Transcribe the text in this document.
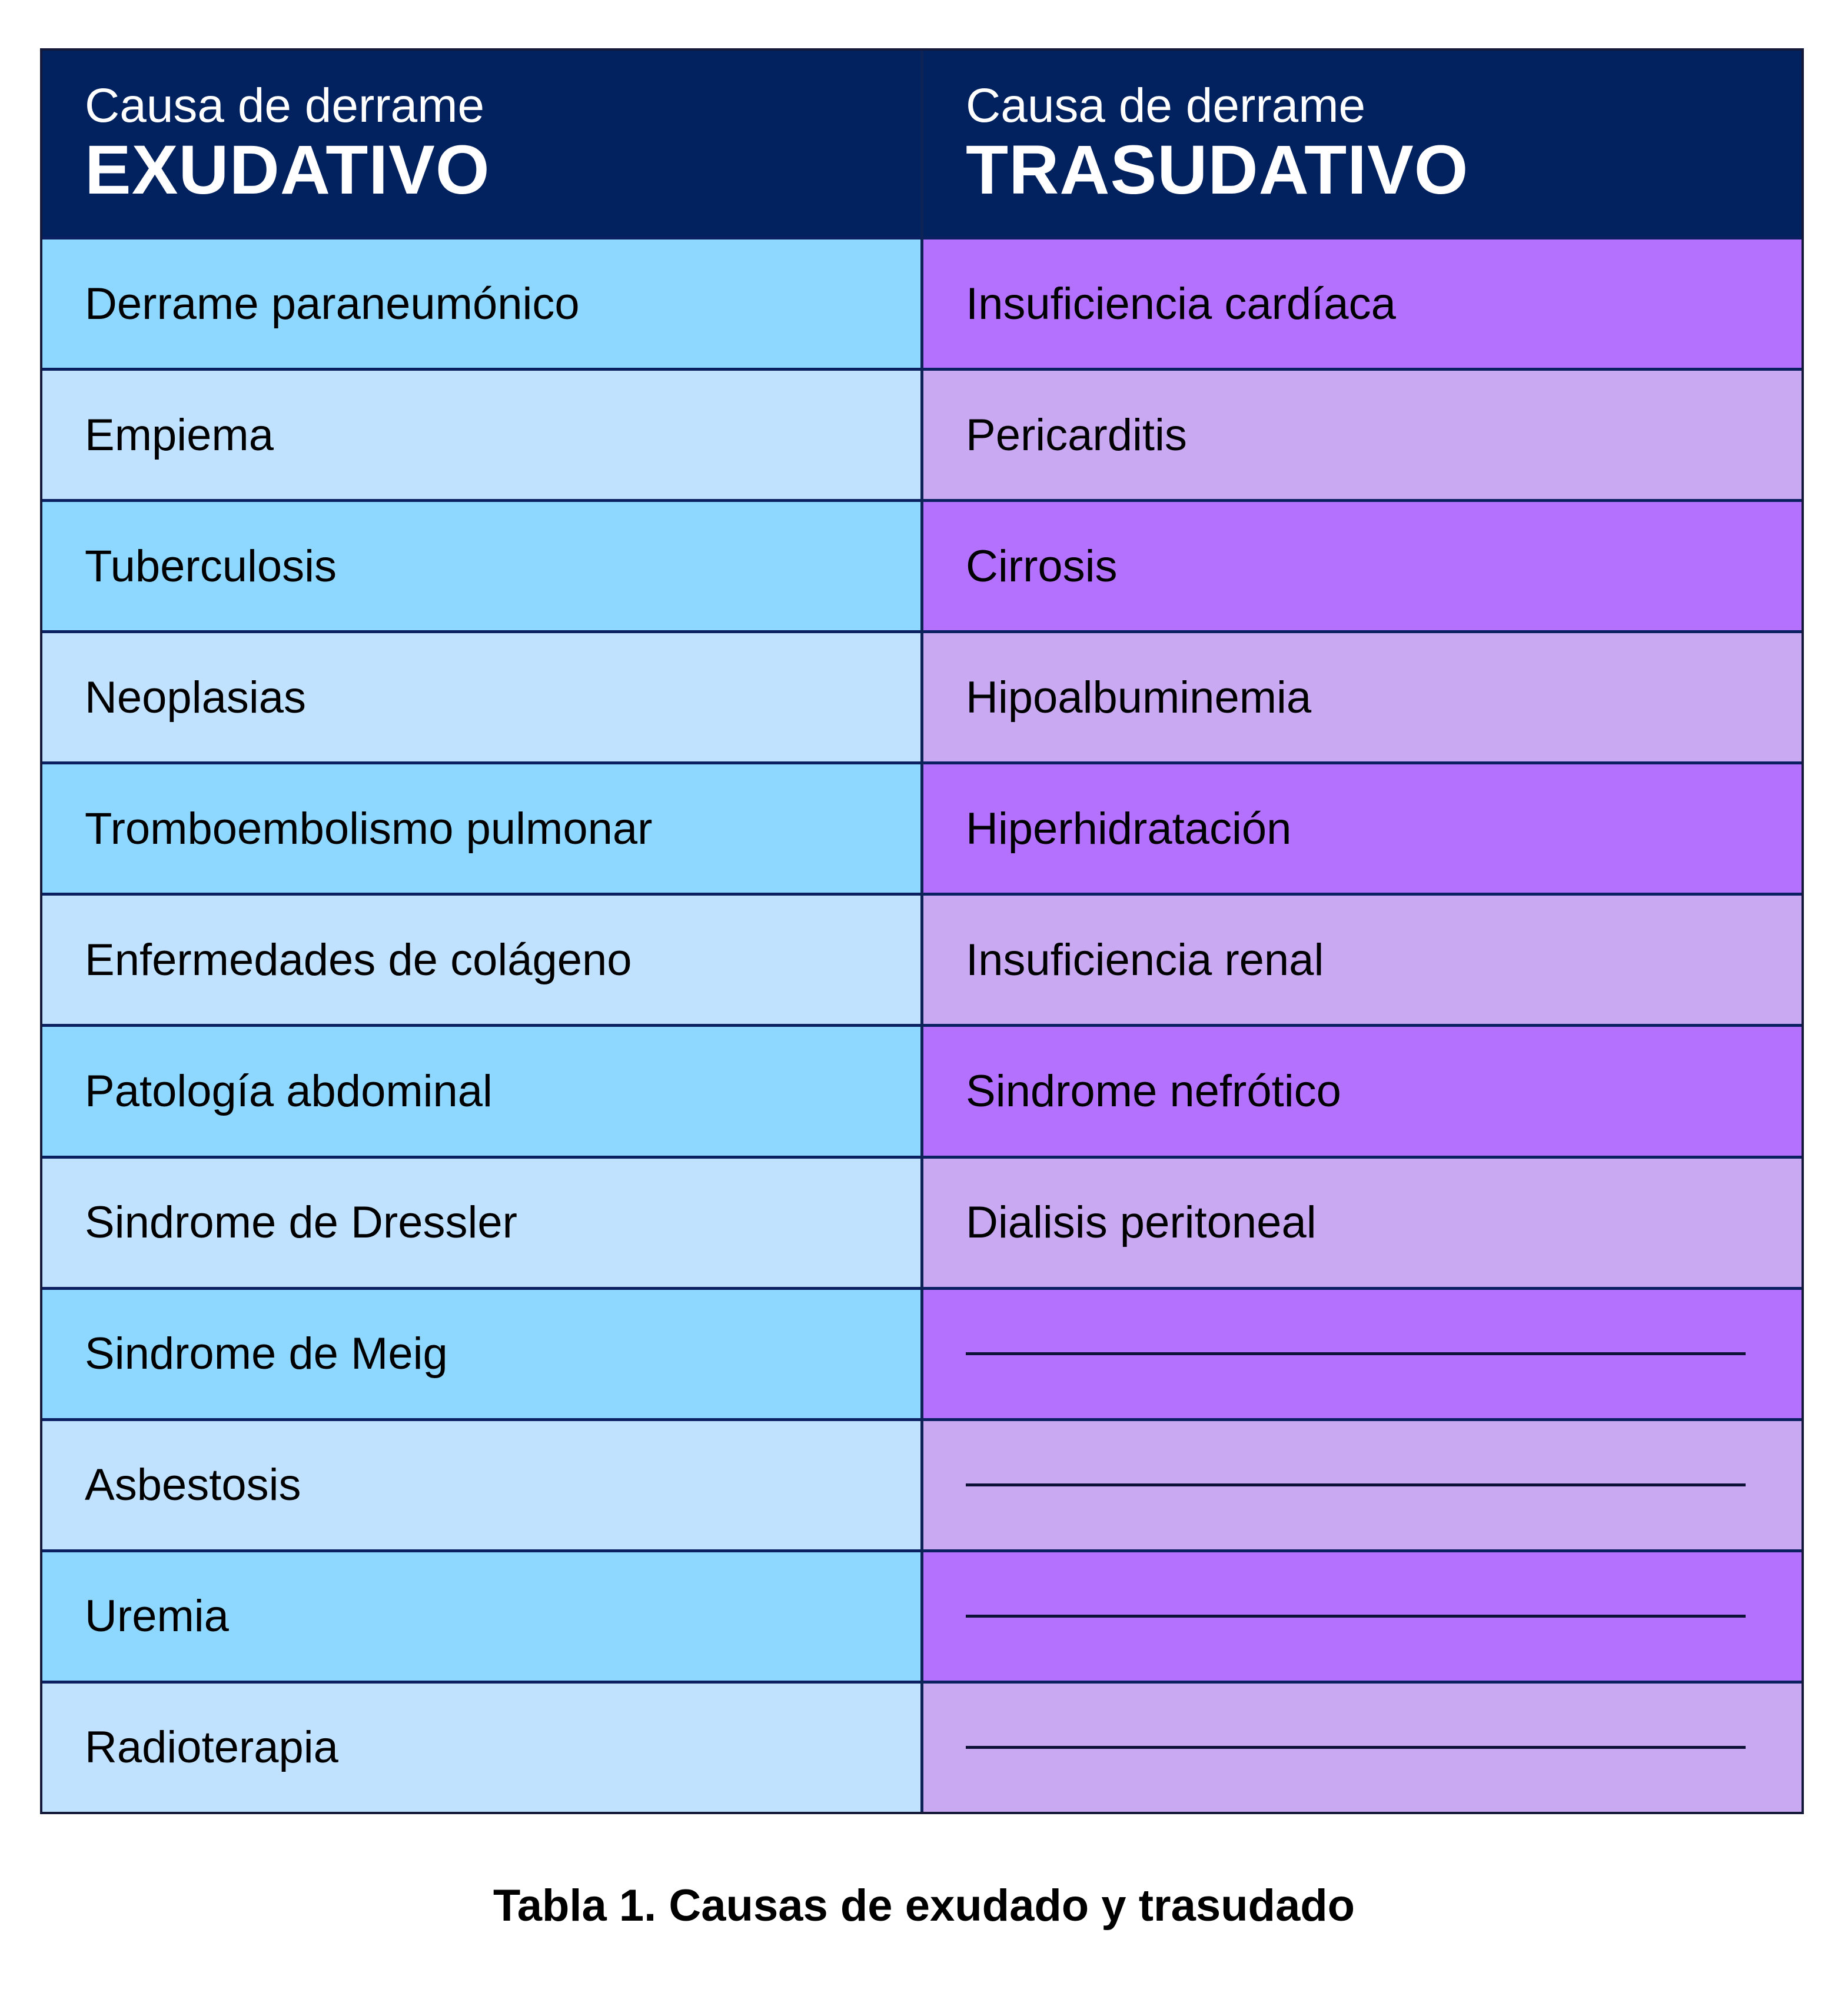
Causa de derrame
EXUDATIVO
Derrame paraneumónico
Empiema
Tuberculosis
Neoplasias
Tromboembolismo pulmonar
Enfermedades de colágeno
Patología abdominal
Sindrome de Dressler
Sindrome de Meig
Asbestosis
Uremia
Radioterapia
Causa de derrame
TRASUDATIVO
Insuficiencia cardíaca
Pericarditis
Cirrosis
Hipoalbuminemia
Hiperhidratación
Insuficiencia renal
Sindrome nefrótico
Dialisis peritoneal
Tabla 1. Causas de exudado y trasudado
